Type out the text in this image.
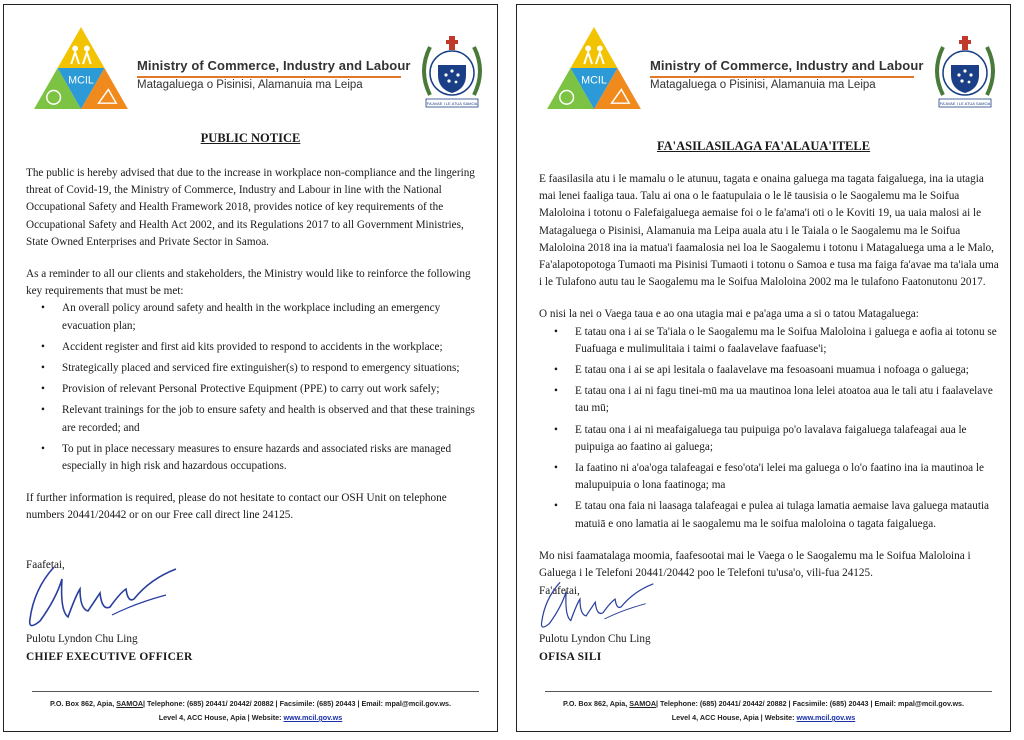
MCIL
Ministry of Commerce, Industry and Labour
Matagaluega o Pisinisi, Alamanuia ma Leipa
FA'AVAE I LE ATUA SAMOA
PUBLIC NOTICE

The public is hereby advised that due to the increase in workplace non-compliance and the lingering threat of Covid-19, the Ministry of Commerce, Industry and Labour in line with the National Occupational Safety and Health Framework 2018, provides notice of key requirements of the Occupational Safety and Health Act 2002, and its Regulations 2017 to all Government Ministries, State Owned Enterprises and Private Sector in Samoa.

As a reminder to all our clients and stakeholders, the Ministry would like to reinforce the following key requirements that must be met:

• An overall policy around safety and health in the workplace including an emergency evacuation plan;
• Accident register and first aid kits provided to respond to accidents in the workplace;
• Strategically placed and serviced fire extinguisher(s) to respond to emergency situations;
• Provision of relevant Personal Protective Equipment (PPE) to carry out work safely;
• Relevant trainings for the job to ensure safety and health is observed and that these trainings are recorded; and
• To put in place necessary measures to ensure hazards and associated risks are managed especially in high risk and hazardous occupations.

If further information is required, please do not hesitate to contact our OSH Unit on telephone numbers 20441/20442 or on our Free call direct line 24125.

Faafetai,
Pulotu Lyndon Chu Ling
CHIEF EXECUTIVE OFFICER
P.O. Box 862, Apia, SAMOA| Telephone: (685) 20441/ 20442/ 20882 | Facsimile: (685) 20443 | Email: mpal@mcil.gov.ws.
Level 4, ACC House, Apia | Website: www.mcil.gov.ws
MCIL
Ministry of Commerce, Industry and Labour
Matagaluega o Pisinisi, Alamanuia ma Leipa
FA'AVAE I LE ATUA SAMOA
FA'ASILASILAGA FA'ALAUA'ITELE

E faasilasila atu i le mamalu o le atunuu, tagata e onaina galuega ma tagata faigaluega, ina ia utagia mai lenei faaliga taua. Talu ai ona o le faatupulaia o le lē tausisia o le Saogalemu ma le Soifua Maloloina i totonu o Falefaigaluega aemaise foi o le fa'ama'i oti o le Koviti 19, ua uaia malosi ai le Matagaluega o Pisinisi, Alamanuia ma Leipa auala atu i le Taiala o le Saogalemu ma le Soifua Maloloina 2018 ina ia matua'i faamalosia nei loa le Saogalemu i totonu i Matagaluega uma a le Malo, Fa'alapotopotoga Tumaoti ma Pisinisi Tumaoti i totonu o Samoa e tusa ma faiga fa'avae ma ta'iala uma i le Tulafono autu tau le Saogalemu ma le Soifua Maloloina 2002 ma le tulafono Faatonutonu 2017.

O nisi la nei o Vaega taua e ao ona utagia mai e pa'aga uma a si o tatou Matagaluega:

• E tatau ona i ai se Ta'iala o le Saogalemu ma le Soifua Maloloina i galuega e aofia ai totonu se Fuafuaga e mulimulitaia i taimi o faalavelave faafuase'i;
• E tatau ona i ai se api lesitala o faalavelave ma fesoasoani muamua i nofoaga o galuega;
• E tatau ona i ai ni fagu tinei-mū ma ua mautinoa lona lelei atoatoa aua le tali atu i faalavelave tau mū;
• E tatau ona i ai ni meafaigaluega tau puipuiga po'o lavalava faigaluega talafeagai aua le puipuiga ao faatino ai galuega;
• Ia faatino ni a'oa'oga talafeagai e feso'ota'i lelei ma galuega o lo'o faatino ina ia mautinoa le malupuipuia o lona faatinoga; ma
• E tatau ona faia ni laasaga talafeagai e pulea ai tulaga lamatia aemaise lava galuega matautia matuiā e ono lamatia ai le saogalemu ma le soifua maloloina o tagata faigaluega.

Mo nisi faamatalaga moomia, faafesootai mai le Vaega o le Saogalemu ma le Soifua Maloloina i Galuega i le Telefoni 20441/20442 poo le Telefoni tu'usa'o, vili-fua 24125.

Fa'afetai,
Pulotu Lyndon Chu Ling
OFISA SILI
P.O. Box 862, Apia, SAMOA| Telephone: (685) 20441/ 20442/ 20882 | Facsimile: (685) 20443 | Email: mpal@mcil.gov.ws.
Level 4, ACC House, Apia | Website: www.mcil.gov.ws
